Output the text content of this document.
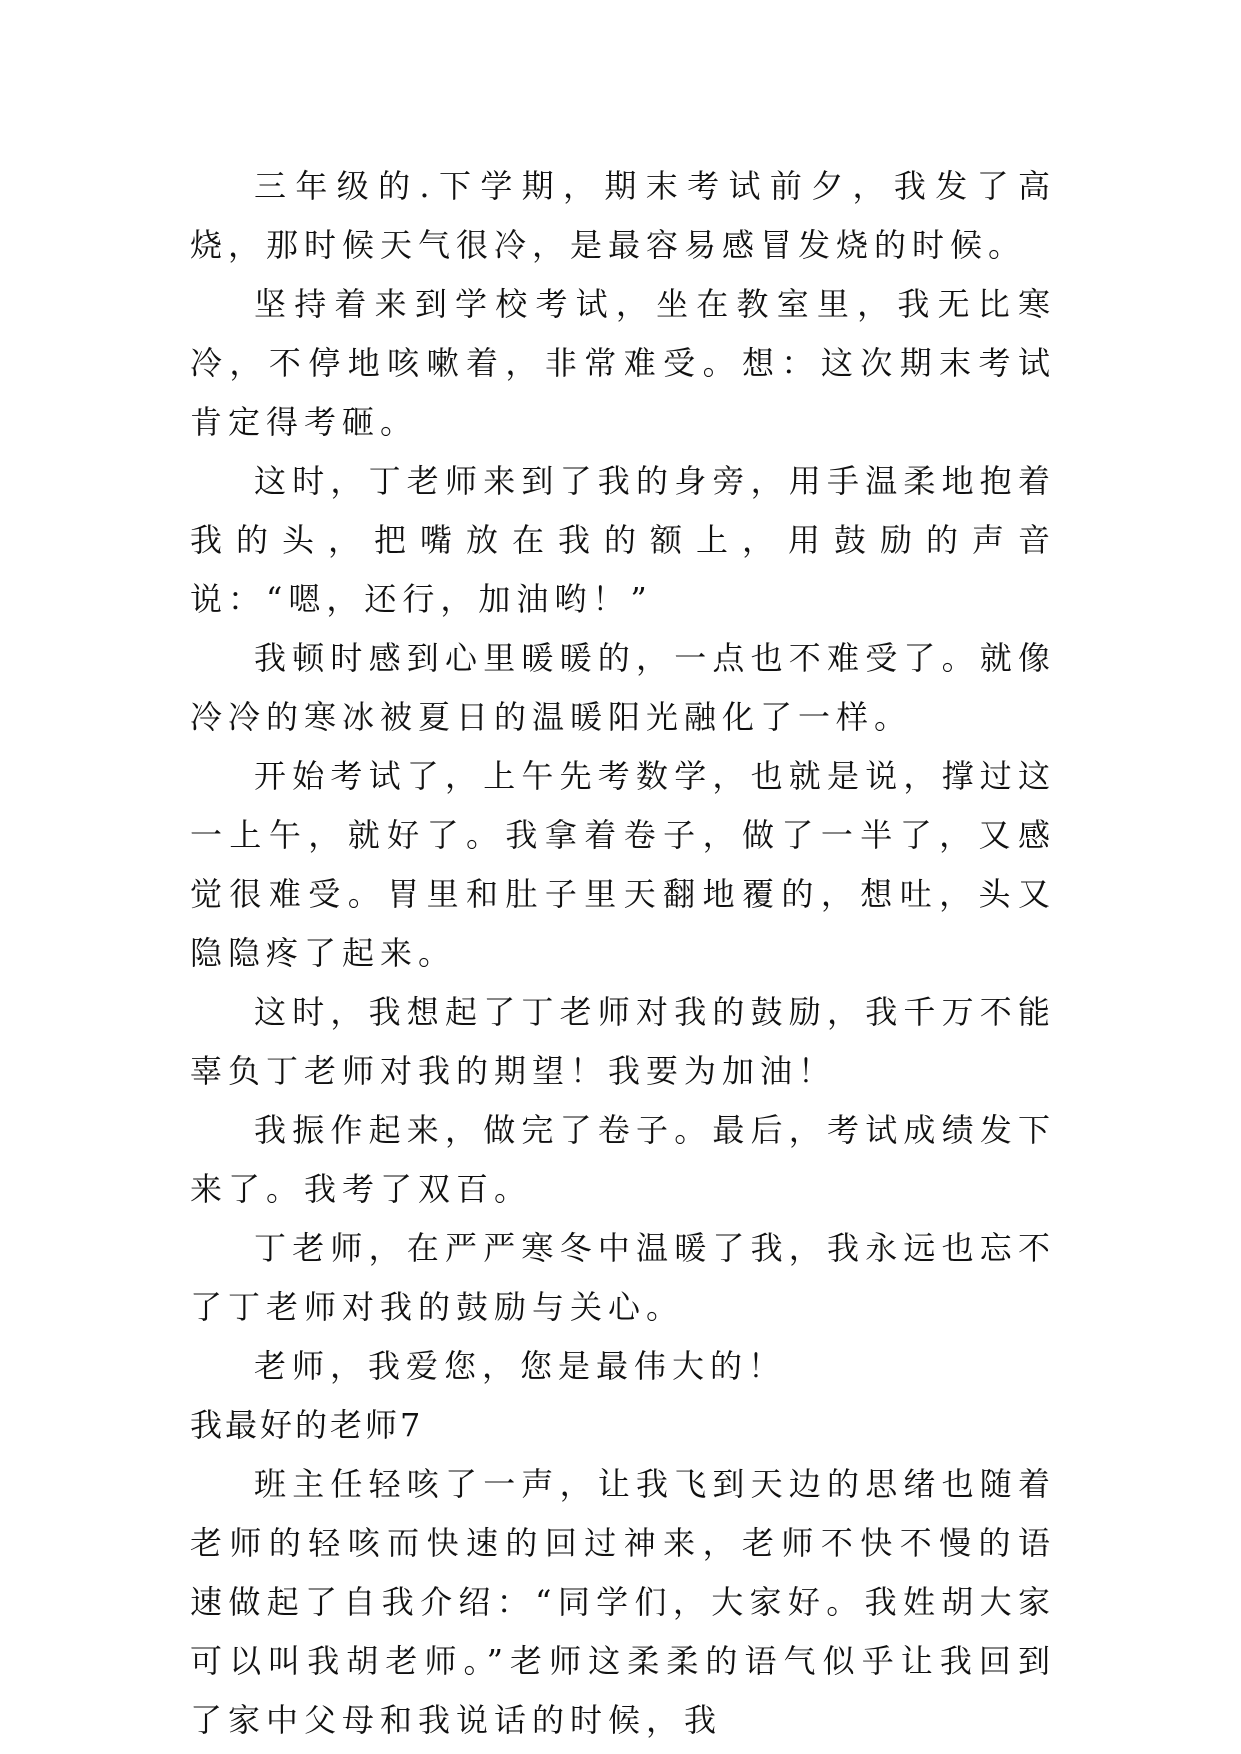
三年级的.下学期，期末考试前夕，我发了高烧，那时候天气很冷，是最容易感冒发烧的时候。

坚持着来到学校考试，坐在教室里，我无比寒冷，不停地咳嗽着，非常难受。想：这次期末考试肯定得考砸。

这时，丁老师来到了我的身旁，用手温柔地抱着我的头，把嘴放在我的额上，用鼓励的声音说：“嗯，还行，加油哟！”

我顿时感到心里暖暖的，一点也不难受了。就像冷冷的寒冰被夏日的温暖阳光融化了一样。

开始考试了，上午先考数学，也就是说，撑过这一上午，就好了。我拿着卷子，做了一半了，又感觉很难受。胃里和肚子里天翻地覆的，想吐，头又隐隐疼了起来。

这时，我想起了丁老师对我的鼓励，我千万不能辜负丁老师对我的期望！我要为加油！

我振作起来，做完了卷子。最后，考试成绩发下来了。我考了双百。

丁老师，在严严寒冬中温暖了我，我永远也忘不了丁老师对我的鼓励与关心。

老师，我爱您，您是最伟大的！

我最好的老师7

班主任轻咳了一声，让我飞到天边的思绪也随着老师的轻咳而快速的回过神来，老师不快不慢的语速做起了自我介绍：“同学们，大家好。我姓胡大家可以叫我胡老师。”老师这柔柔的语气似乎让我回到了家中父母和我说话的时候，我
